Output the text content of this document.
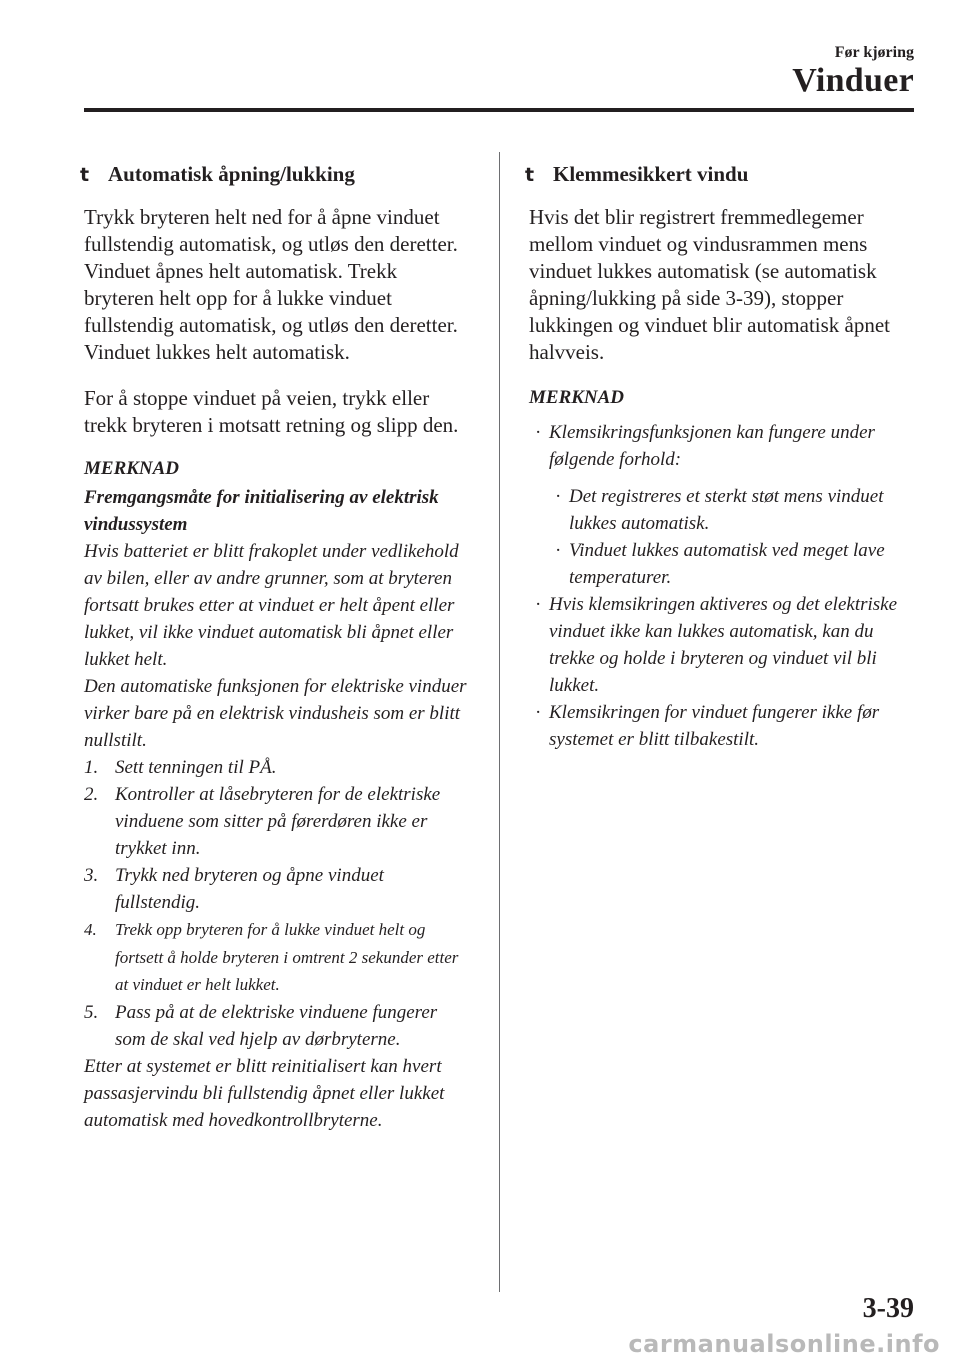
Før kjøring
Vinduer
t Automatisk åpning/lukking

Trykk bryteren helt ned for å åpne vinduet fullstendig automatisk, og utløs den deretter. Vinduet åpnes helt automatisk. Trekk bryteren helt opp for å lukke vinduet fullstendig automatisk, og utløs den deretter. Vinduet lukkes helt automatisk.

For å stoppe vinduet på veien, trykk eller trekk bryteren i motsatt retning og slipp den.

MERKNAD
Fremgangsmåte for initialisering av elektrisk vindussystem

Hvis batteriet er blitt frakoplet under vedlikehold av bilen, eller av andre grunner, som at bryteren fortsatt brukes etter at vinduet er helt åpent eller lukket, vil ikke vinduet automatisk bli åpnet eller lukket helt.

Den automatiske funksjonen for elektriske vinduer virker bare på en elektrisk vindusheis som er blitt nullstilt.

1. Sett tenningen til PÅ.
2. Kontroller at låsebryteren for de elektriske vinduene som sitter på førerdøren ikke er trykket inn.
3. Trykk ned bryteren og åpne vinduet fullstendig.
4. Trekk opp bryteren for å lukke vinduet helt og fortsett å holde bryteren i omtrent 2 sekunder etter at vinduet er helt lukket.
5. Pass på at de elektriske vinduene fungerer som de skal ved hjelp av dørbryterne.

Etter at systemet er blitt reinitialisert kan hvert passasjervindu bli fullstendig åpnet eller lukket automatisk med hovedkontrollbryterne.

t Klemmesikkert vindu

Hvis det blir registrert fremmedlegemer mellom vinduet og vindusrammen mens vinduet lukkes automatisk (se automatisk åpning/lukking på side 3-39), stopper lukkingen og vinduet blir automatisk åpnet halvveis.

MERKNAD
· Klemsikringsfunksjonen kan fungere under følgende forhold:
· Det registreres et sterkt støt mens vinduet lukkes automatisk.
· Vinduet lukkes automatisk ved meget lave temperaturer.
· Hvis klemsikringen aktiveres og det elektriske vinduet ikke kan lukkes automatisk, kan du trekke og holde i bryteren og vinduet vil bli lukket.
· Klemsikringen for vinduet fungerer ikke før systemet er blitt tilbakestilt.
3-39
carmanualsonline.info
